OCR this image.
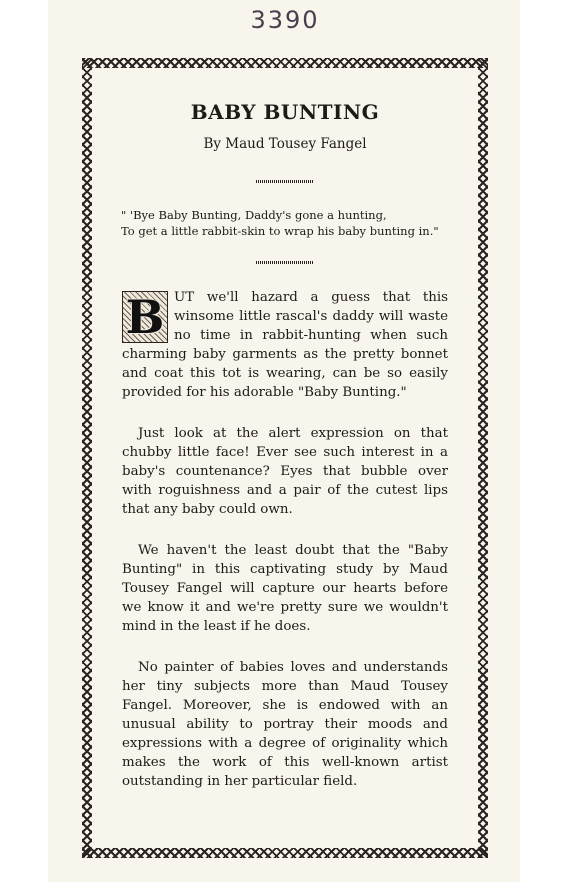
3390
BABY BUNTING
By Maud Tousey Fangel
" 'Bye Baby Bunting, Daddy's gone a hunting,
To get a little rabbit-skin to wrap his baby bunting in."

B UT we'll hazard a guess that this winsome little rascal's daddy will waste no time in rabbit-hunting when such charming baby garments as the pretty bonnet and coat this tot is wearing, can be so easily provided for his adorable "Baby Bunting."

Just look at the alert expression on that chubby little face! Ever see such interest in a baby's countenance? Eyes that bubble over with roguishness and a pair of the cutest lips that any baby could own.

We haven't the least doubt that the "Baby Bunting" in this captivating study by Maud Tousey Fangel will capture our hearts before we know it and we're pretty sure we wouldn't mind in the least if he does.

No painter of babies loves and understands her tiny subjects more than Maud Tousey Fangel. Moreover, she is endowed with an unusual ability to portray their moods and expressions with a degree of originality which makes the work of this well-known artist outstanding in her particular field.
